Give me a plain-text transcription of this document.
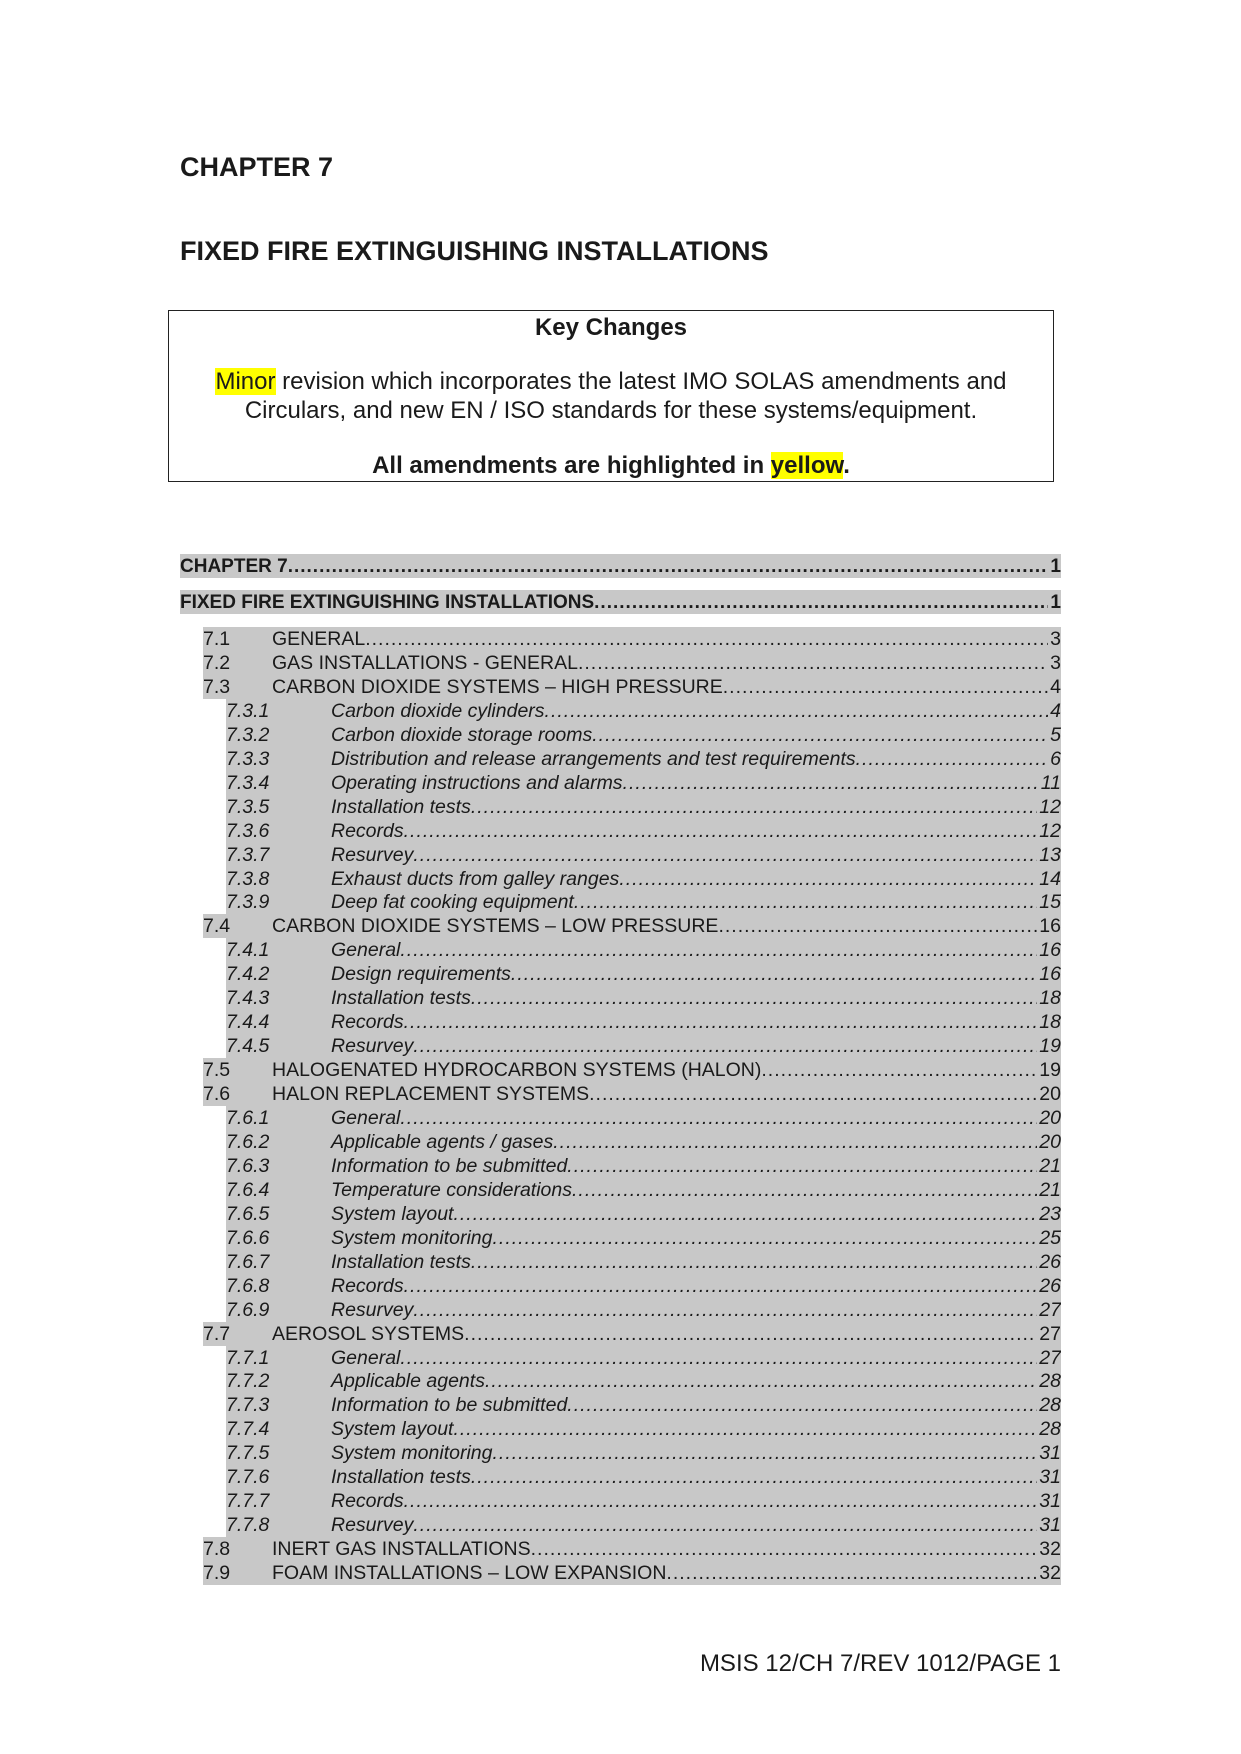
CHAPTER 7
FIXED FIRE EXTINGUISHING INSTALLATIONS
Key Changes
Minor revision which incorporates the latest IMO SOLAS amendments and
Circulars, and new EN / ISO standards for these systems/equipment.
All amendments are highlighted in yellow.
CHAPTER 7 .....	1
FIXED FIRE EXTINGUISHING INSTALLATIONS .....	1
7.1	GENERAL .....	3
7.2	GAS INSTALLATIONS - GENERAL .....	3
7.3	CARBON DIOXIDE SYSTEMS – HIGH PRESSURE .....	4
7.3.1	Carbon dioxide cylinders .....	4
7.3.2	Carbon dioxide storage rooms .....	5
7.3.3	Distribution and release arrangements and test requirements .....	6
7.3.4	Operating instructions and alarms .....	11
7.3.5	Installation tests .....	12
7.3.6	Records .....	12
7.3.7	Resurvey .....	13
7.3.8	Exhaust ducts from galley ranges .....	14
7.3.9	Deep fat cooking equipment .....	15
7.4	CARBON DIOXIDE SYSTEMS – LOW PRESSURE .....	16
7.4.1	General .....	16
7.4.2	Design requirements .....	16
7.4.3	Installation tests .....	18
7.4.4	Records .....	18
7.4.5	Resurvey .....	19
7.5	HALOGENATED HYDROCARBON SYSTEMS (HALON) .....	19
7.6	HALON REPLACEMENT SYSTEMS .....	20
7.6.1	General .....	20
7.6.2	Applicable agents / gases .....	20
7.6.3	Information to be submitted .....	21
7.6.4	Temperature considerations .....	21
7.6.5	System layout .....	23
7.6.6	System monitoring .....	25
7.6.7	Installation tests .....	26
7.6.8	Records .....	26
7.6.9	Resurvey .....	27
7.7	AEROSOL SYSTEMS .....	27
7.7.1	General .....	27
7.7.2	Applicable agents .....	28
7.7.3	Information to be submitted .....	28
7.7.4	System layout .....	28
7.7.5	System monitoring .....	31
7.7.6	Installation tests .....	31
7.7.7	Records .....	31
7.7.8	Resurvey .....	31
7.8	INERT GAS INSTALLATIONS .....	32
7.9	FOAM INSTALLATIONS – LOW EXPANSION .....	32
MSIS 12/CH 7/REV 1012/PAGE 1
